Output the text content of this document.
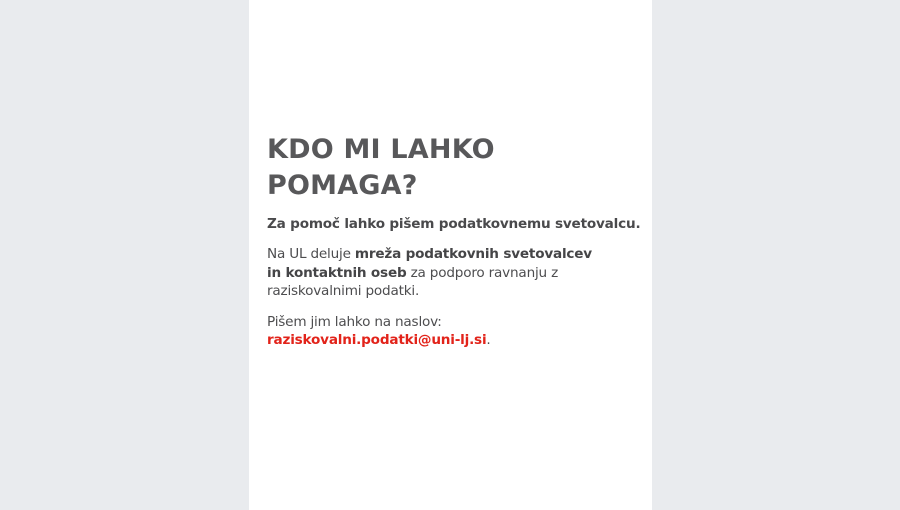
KDO MI LAHKO POMAGA?

Za pomoč lahko pišem podatkovnemu svetovalcu.

Na UL deluje mreža podatkovnih svetovalcev
in kontaktnih oseb za podporo ravnanju z raziskovalnimi podatki.

Pišem jim lahko na naslov:
raziskovalni.podatki@uni-lj.si.
